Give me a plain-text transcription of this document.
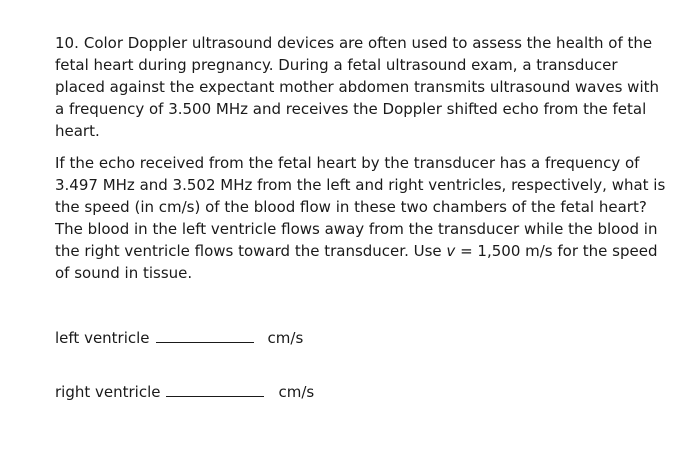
10. Color Doppler ultrasound devices are often used to assess the health of the fetal heart during pregnancy. During a fetal ultrasound exam, a transducer placed against the expectant mother abdomen transmits ultrasound waves with a frequency of 3.500 MHz and receives the Doppler shifted echo from the fetal heart.

If the echo received from the fetal heart by the transducer has a frequency of 3.497 MHz and 3.502 MHz from the left and right ventricles, respectively, what is the speed (in cm/s) of the blood flow in these two chambers of the fetal heart? The blood in the left ventricle flows away from the transducer while the blood in the right ventricle flows toward the transducer. Use v = 1,500 m/s for the speed of sound in tissue.

left ventricle	cm/s
right ventricle	cm/s
